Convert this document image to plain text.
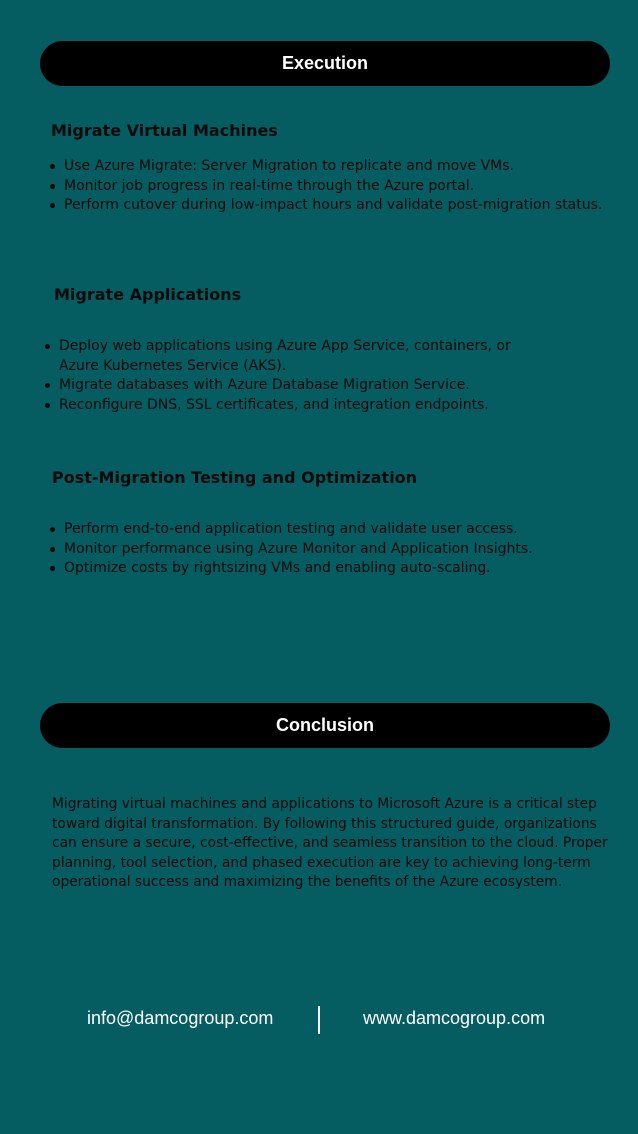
Execution
Migrate Virtual Machines
Use Azure Migrate: Server Migration to replicate and move VMs.
Monitor job progress in real-time through the Azure portal.
Perform cutover during low-impact hours and validate post-migration status.
Migrate Applications
Deploy web applications using Azure App Service, containers, or Azure Kubernetes Service (AKS).
Migrate databases with Azure Database Migration Service.
Reconfigure DNS, SSL certificates, and integration endpoints.
Post-Migration Testing and Optimization
Perform end-to-end application testing and validate user access.
Monitor performance using Azure Monitor and Application Insights.
Optimize costs by rightsizing VMs and enabling auto-scaling.
Conclusion

Migrating virtual machines and applications to Microsoft Azure is a critical step toward digital transformation. By following this structured guide, organizations can ensure a secure, cost-effective, and seamless transition to the cloud. Proper planning, tool selection, and phased execution are key to achieving long-term operational success and maximizing the benefits of the Azure ecosystem.

info@damcogroup.com	www.damcogroup.com
